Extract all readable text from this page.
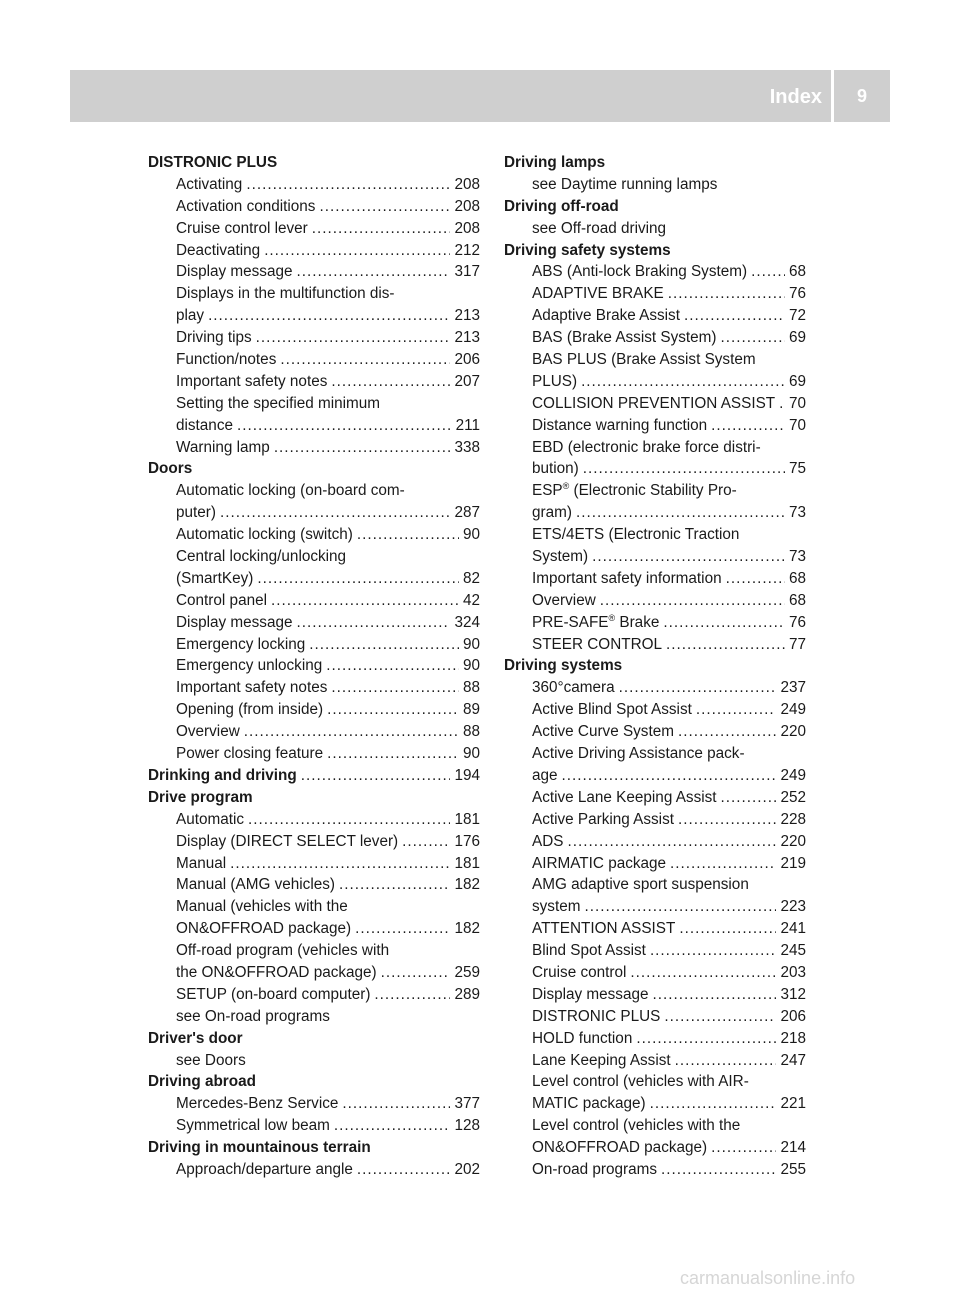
Index	9
DISTRONIC PLUS
Activating .....	208
Activation conditions .....	208
Cruise control lever .....	208
Deactivating .....	212
Display message .....	317
Displays in the multifunction dis-
play .....	213
Driving tips .....	213
Function/notes .....	206
Important safety notes .....	207
Setting the specified minimum
distance .....	211
Warning lamp .....	338
Doors
Automatic locking (on-board com-
puter) .....	287
Automatic locking (switch) .....	90
Central locking/unlocking
(SmartKey) .....	82
Control panel .....	42
Display message .....	324
Emergency locking .....	90
Emergency unlocking .....	90
Important safety notes .....	88
Opening (from inside) .....	89
Overview .....	88
Power closing feature .....	90
Drinking and driving .....	194
Drive program
Automatic .....	181
Display (DIRECT SELECT lever) .....	176
Manual .....	181
Manual (AMG vehicles) .....	182
Manual (vehicles with the
ON&OFFROAD package) .....	182
Off-road program (vehicles with
the ON&OFFROAD package) .....	259
SETUP (on-board computer) .....	289
see On-road programs
Driver's door
see Doors
Driving abroad
Mercedes-Benz Service .....	377
Symmetrical low beam .....	128
Driving in mountainous terrain
Approach/departure angle .....	202
Driving lamps
see Daytime running lamps
Driving off-road
see Off-road driving
Driving safety systems
ABS (Anti-lock Braking System) .....	68
ADAPTIVE BRAKE .....	76
Adaptive Brake Assist .....	72
BAS (Brake Assist System) .....	69
BAS PLUS (Brake Assist System
PLUS) .....	69
COLLISION PREVENTION ASSIST ..... 70
Distance warning function .....	70
EBD (electronic brake force distri-
bution) .....	75
ESP® (Electronic Stability Pro-
gram) .....	73
ETS/4ETS (Electronic Traction
System) .....	73
Important safety information .....	68
Overview .....	68
PRE-SAFE® Brake .....	76
STEER CONTROL .....	77
Driving systems
360°camera .....	237
Active Blind Spot Assist .....	249
Active Curve System .....	220
Active Driving Assistance pack-
age .....	249
Active Lane Keeping Assist .....	252
Active Parking Assist .....	228
ADS .....	220
AIRMATIC package .....	219
AMG adaptive sport suspension
system .....	223
ATTENTION ASSIST .....	241
Blind Spot Assist .....	245
Cruise control .....	203
Display message .....	312
DISTRONIC PLUS .....	206
HOLD function .....	218
Lane Keeping Assist .....	247
Level control (vehicles with AIR-
MATIC package) .....	221
Level control (vehicles with the
ON&OFFROAD package) .....	214
On-road programs .....	255
carmanualsonline.info
